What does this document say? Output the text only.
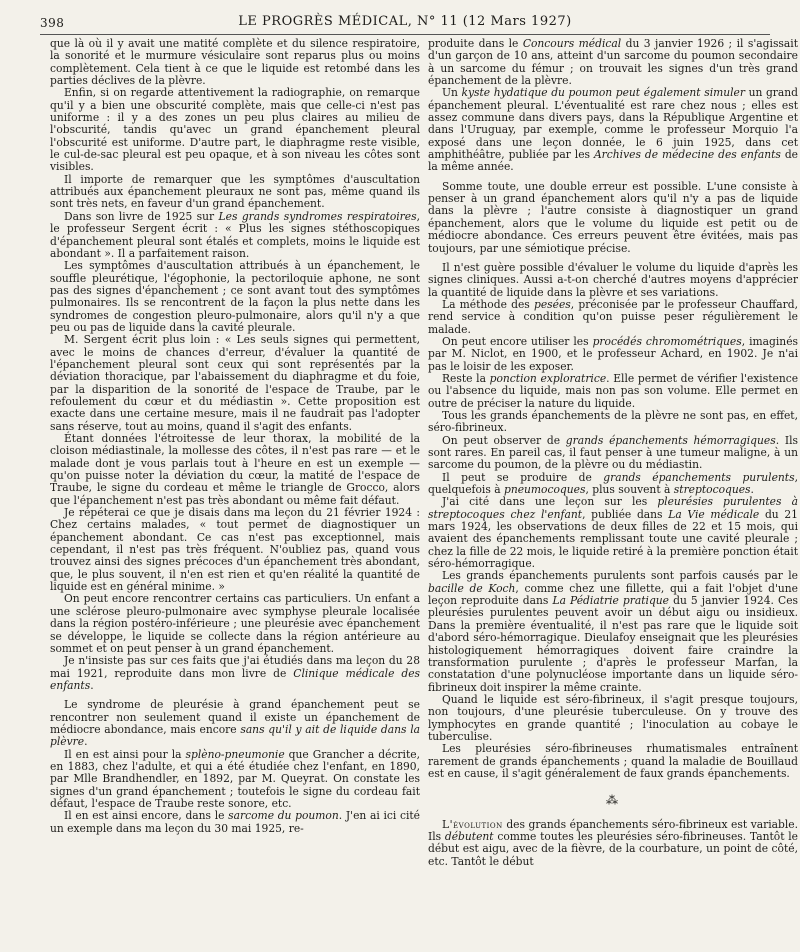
398	LE PROGRÈS MÉDICAL, N° 11 (12 Mars 1927)

que là où il y avait une matité complète et du silence respiratoire, la sonorité et le murmure vésiculaire sont reparus plus ou moins complètement. Cela tient à ce que le liquide est retombé dans les parties déclives de la plèvre.

Enfin, si on regarde attentivement la radiographie, on remarque qu'il y a bien une obscurité complète, mais que celle-ci n'est pas uniforme : il y a des zones un peu plus claires au milieu de l'obscurité, tandis qu'avec un grand épanchement pleural l'obscurité est uniforme. D'autre part, le diaphragme reste visible, le cul-de-sac pleural est peu opaque, et à son niveau les côtes sont visibles.

Il importe de remarquer que les symptômes d'auscultation attribués aux épanchement pleuraux ne sont pas, même quand ils sont très nets, en faveur d'un grand épanchement.

Dans son livre de 1925 sur Les grands syndromes respiratoires, le professeur Sergent écrit : « Plus les signes stéthoscopiques d'épanchement pleural sont étalés et complets, moins le liquide est abondant ». Il a parfaitement raison.

Les symptômes d'auscultation attribués à un épanchement, le souffle pleurétique, l'égophonie, la pectoriloquie aphone, ne sont pas des signes d'épanchement ; ce sont avant tout des symptômes pulmonaires. Ils se rencontrent de la façon la plus nette dans les syndromes de congestion pleuro-pulmonaire, alors qu'il n'y a que peu ou pas de liquide dans la cavité pleurale.

M. Sergent écrit plus loin : « Les seuls signes qui permettent, avec le moins de chances d'erreur, d'évaluer la quantité de l'épanchement pleural sont ceux qui sont représentés par la déviation thoracique, par l'abaissement du diaphragme et du foie, par la disparition de la sonorité de l'espace de Traube, par le refoulement du cœur et du médiastin ». Cette proposition est exacte dans une certaine mesure, mais il ne faudrait pas l'adopter sans réserve, tout au moins, quand il s'agit des enfants.

Étant données l'étroitesse de leur thorax, la mobilité de la cloison médiastinale, la mollesse des côtes, il n'est pas rare — et le malade dont je vous parlais tout à l'heure en est un exemple — qu'on puisse noter la déviation du cœur, la matité de l'espace de Traube, le signe du cordeau et même le triangle de Grocco, alors que l'épanchement n'est pas très abondant ou même fait défaut.

Je répéterai ce que je disais dans ma leçon du 21 février 1924 : Chez certains malades, « tout permet de diagnostiquer un épanchement abondant. Ce cas n'est pas exceptionnel, mais cependant, il n'est pas très fréquent. N'oubliez pas, quand vous trouvez ainsi des signes précoces d'un épanchement très abondant, que, le plus souvent, il n'en est rien et qu'en réalité la quantité de liquide est en général minime. »

On peut encore rencontrer certains cas particuliers. Un enfant a une sclérose pleuro-pulmonaire avec symphyse pleurale localisée dans la région postéro-inférieure ; une pleurésie avec épanchement se développe, le liquide se collecte dans la région antérieure au sommet et on peut penser à un grand épanchement.

Je n'insiste pas sur ces faits que j'ai étudiés dans ma leçon du 28 mai 1921, reproduite dans mon livre de Clinique médicale des enfants.

Le syndrome de pleurésie à grand épanchement peut se rencontrer non seulement quand il existe un épanchement de médiocre abondance, mais encore sans qu'il y ait de liquide dans la plèvre.

Il en est ainsi pour la splèno-pneumonie que Grancher a décrite, en 1883, chez l'adulte, et qui a été étudiée chez l'enfant, en 1890, par Mlle Brandhendler, en 1892, par M. Queyrat. On constate les signes d'un grand épanchement ; toutefois le signe du cordeau fait défaut, l'espace de Traube reste sonore, etc.

Il en est ainsi encore, dans le sarcome du poumon. J'en ai ici cité un exemple dans ma leçon du 30 mai 1925, re-

produite dans le Concours médical du 3 janvier 1926 ; il s'agissait d'un garçon de 10 ans, atteint d'un sarcome du poumon secondaire à un sarcome du fémur ; on trouvait les signes d'un très grand épanchement de la plèvre.

Un kyste hydatique du poumon peut également simuler un grand épanchement pleural. L'éventualité est rare chez nous ; elles est assez commune dans divers pays, dans la République Argentine et dans l'Uruguay, par exemple, comme le professeur Morquio l'a exposé dans une leçon donnée, le 6 juin 1925, dans cet amphithéâtre, publiée par les Archives de médecine des enfants de la même année.

Somme toute, une double erreur est possible. L'une consiste à penser à un grand épanchement alors qu'il n'y a pas de liquide dans la plèvre ; l'autre consiste à diagnostiquer un grand épanchement, alors que le volume du liquide est petit ou de médiocre abondance. Ces erreurs peuvent être évitées, mais pas toujours, par une sémiotique précise.

Il n'est guère possible d'évaluer le volume du liquide d'après les signes cliniques. Aussi a-t-on cherché d'autres moyens d'apprécier la quantité de liquide dans la plèvre et ses variations.

La méthode des pesées, préconisée par le professeur Chauffard, rend service à condition qu'on puisse peser régulièrement le malade.

On peut encore utiliser les procédés chromométriques, imaginés par M. Niclot, en 1900, et le professeur Achard, en 1902. Je n'ai pas le loisir de les exposer.

Reste la ponction exploratrice. Elle permet de vérifier l'existence ou l'absence du liquide, mais non pas son volume. Elle permet en outre de préciser la nature du liquide.

Tous les grands épanchements de la plèvre ne sont pas, en effet, séro-fibrineux.

On peut observer de grands épanchements hémorragiques. Ils sont rares. En pareil cas, il faut penser à une tumeur maligne, à un sarcome du poumon, de la plèvre ou du médiastin.

Il peut se produire de grands épanchements purulents, quelquefois à pneumocoques, plus souvent à streptocoques.

J'ai cité dans une leçon sur les pleurésies purulentes à streptocoques chez l'enfant, publiée dans La Vie médicale du 21 mars 1924, les observations de deux filles de 22 et 15 mois, qui avaient des épanchements remplissant toute une cavité pleurale ; chez la fille de 22 mois, le liquide retiré à la première ponction était séro-hémorragique.

Les grands épanchements purulents sont parfois causés par le bacille de Koch, comme chez une fillette, qui a fait l'objet d'une leçon reproduite dans La Pédiatrie pratique du 5 janvier 1924. Ces pleurésies purulentes peuvent avoir un début aigu ou insidieux. Dans la première éventualité, il n'est pas rare que le liquide soit d'abord séro-hémorragique. Dieulafoy enseignait que les pleurésies histologiquement hémorragiques doivent faire craindre la transformation purulente ; d'après le professeur Marfan, la constatation d'une polynucléose importante dans un liquide séro-fibrineux doit inspirer la même crainte.

Quand le liquide est séro-fibrineux, il s'agit presque toujours, non toujours, d'une pleurésie tuberculeuse. On y trouve des lymphocytes en grande quantité ; l'inoculation au cobaye le tuberculise.

Les pleurésies séro-fibrineuses rhumatismales entraînent rarement de grands épanchements ; quand la maladie de Bouillaud est en cause, il s'agit généralement de faux grands épanchements.

⁂

L'évolution des grands épanchements séro-fibrineux est variable. Ils débutent comme toutes les pleurésies séro-fibrineuses. Tantôt le début est aigu, avec de la fièvre, de la courbature, un point de côté, etc. Tantôt le début
